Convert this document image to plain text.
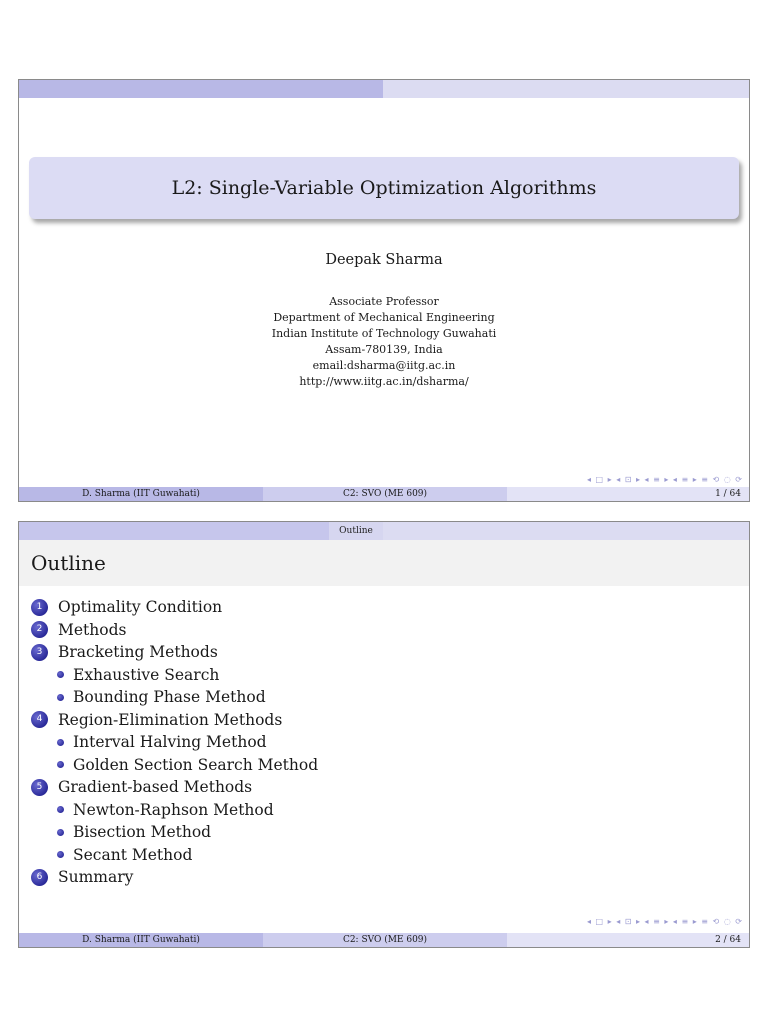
L2: Single-Variable Optimization Algorithms
Deepak Sharma
Associate Professor
Department of Mechanical Engineering
Indian Institute of Technology Guwahati
Assam-780139, India
email:dsharma@iitg.ac.in
http://www.iitg.ac.in/dsharma/
◂ □ ▸ ◂ ⊡ ▸ ◂ ≡ ▸ ◂ ≡ ▸ ≡ ⟲ ◌ ⟳
D. Sharma (IIT Guwahati)	C2: SVO (ME 609)	1 / 64
Outline
Outline
1	Optimality Condition
2	Methods
3	Bracketing Methods
Exhaustive Search
Bounding Phase Method
4	Region-Elimination Methods
Interval Halving Method
Golden Section Search Method
5	Gradient-based Methods
Newton-Raphson Method
Bisection Method
Secant Method
6	Summary
◂ □ ▸ ◂ ⊡ ▸ ◂ ≡ ▸ ◂ ≡ ▸ ≡ ⟲ ◌ ⟳
D. Sharma (IIT Guwahati)	C2: SVO (ME 609)	2 / 64
